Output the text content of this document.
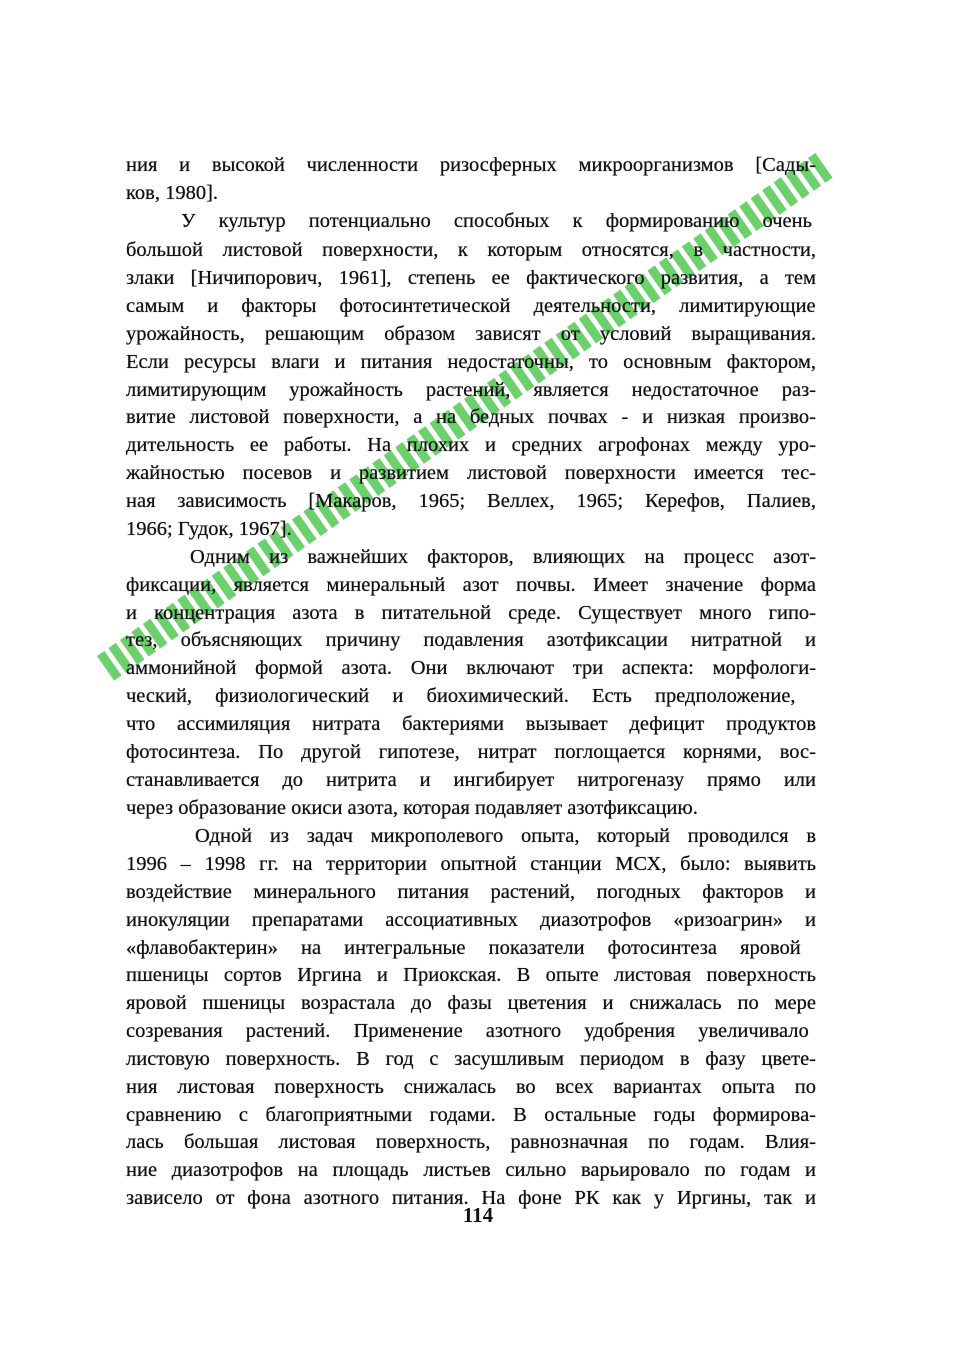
ния и высокой численности ризосферных микроорганизмов [Сады-
ков, 1980].
У культур потенциально способных к формированию очень
большой листовой поверхности, к которым относятся, в частности,
злаки [Ничипорович, 1961], степень ее фактического развития, а тем
самым и факторы фотосинтетической деятельности, лимитирующие
урожайность, решающим образом зависят от условий выращивания.
Если ресурсы влаги и питания недостаточны, то основным фактором,
лимитирующим урожайность растений, является недостаточное раз-
витие листовой поверхности, а на бедных почвах - и низкая произво-
дительность ее работы. На плохих и средних агрофонах между уро-
жайностью посевов и развитием листовой поверхности имеется тес-
ная зависимость [Макаров, 1965; Веллех, 1965; Керефов, Палиев,
1966; Гудок, 1967].
Одним из важнейших факторов, влияющих на процесс азот-
фиксации, является минеральный азот почвы. Имеет значение форма
и концентрация азота в питательной среде. Существует много гипо-
тез, объясняющих причину подавления азотфиксации нитратной и
аммонийной формой азота. Они включают три аспекта: морфологи-
ческий, физиологический и биохимический. Есть предположение,
что ассимиляция нитрата бактериями вызывает дефицит продуктов
фотосинтеза. По другой гипотезе, нитрат поглощается корнями, вос-
станавливается до нитрита и ингибирует нитрогеназу прямо или
через образование окиси азота, которая подавляет азотфиксацию.
Одной из задач микрополевого опыта, который проводился в
1996 – 1998 гг. на территории опытной станции МСХ, было: выявить
воздействие минерального питания растений, погодных факторов и
инокуляции препаратами ассоциативных диазотрофов «ризоагрин» и
«флавобактерин» на интегральные показатели фотосинтеза яровой
пшеницы сортов Иргина и Приокская. В опыте листовая поверхность
яровой пшеницы возрастала до фазы цветения и снижалась по мере
созревания растений. Применение азотного удобрения увеличивало
листовую поверхность. В год с засушливым периодом в фазу цвете-
ния листовая поверхность снижалась во всех вариантах опыта по
сравнению с благоприятными годами. В остальные годы формирова-
лась большая листовая поверхность, равнозначная по годам. Влия-
ние диазотрофов на площадь листьев сильно варьировало по годам и
зависело от фона азотного питания. На фоне РК как у Иргины, так и
114
